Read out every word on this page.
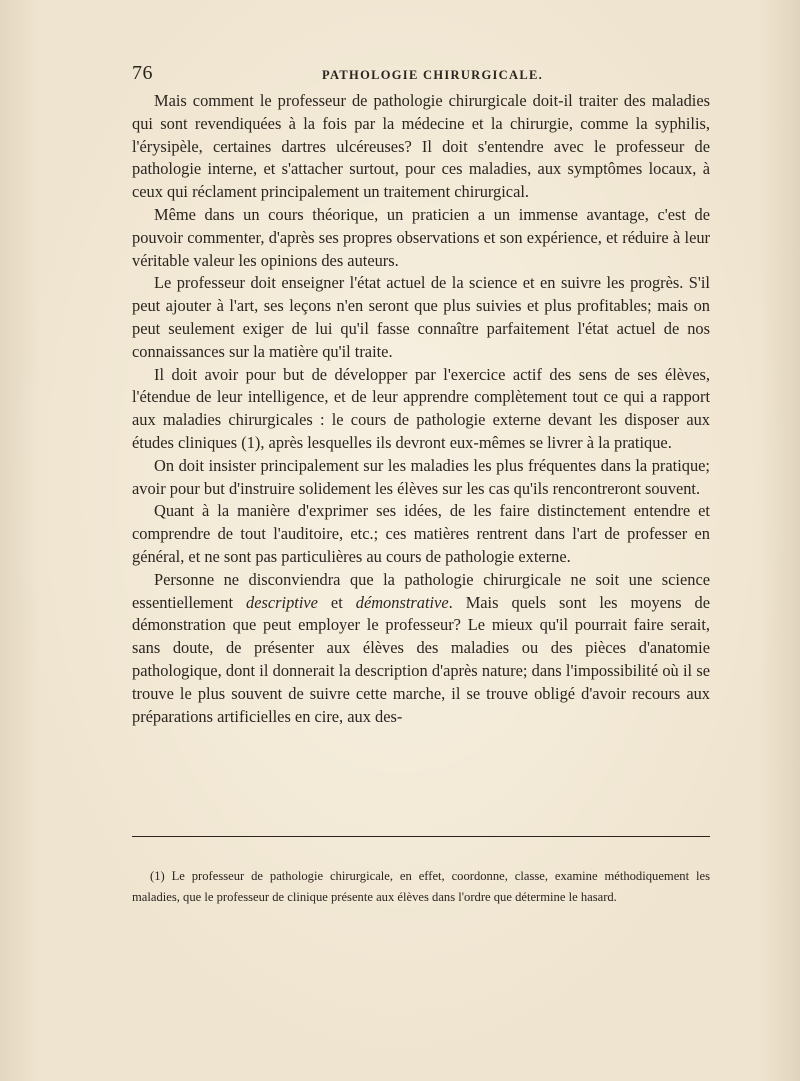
76	PATHOLOGIE CHIRURGICALE.

Mais comment le professeur de pathologie chirurgicale doit-il traiter des maladies qui sont revendiquées à la fois par la médecine et la chirurgie, comme la syphilis, l'érysipèle, certaines dartres ulcéreuses? Il doit s'entendre avec le professeur de pathologie interne, et s'attacher surtout, pour ces maladies, aux symptômes locaux, à ceux qui réclament principalement un traitement chirurgical.

Même dans un cours théorique, un praticien a un immense avantage, c'est de pouvoir commenter, d'après ses propres observations et son expérience, et réduire à leur véritable valeur les opinions des auteurs.

Le professeur doit enseigner l'état actuel de la science et en suivre les progrès. S'il peut ajouter à l'art, ses leçons n'en seront que plus suivies et plus profitables; mais on peut seulement exiger de lui qu'il fasse connaître parfaitement l'état actuel de nos connaissances sur la matière qu'il traite.

Il doit avoir pour but de développer par l'exercice actif des sens de ses élèves, l'étendue de leur intelligence, et de leur apprendre complètement tout ce qui a rapport aux maladies chirurgicales : le cours de pathologie externe devant les disposer aux études cliniques (1), après lesquelles ils devront eux-mêmes se livrer à la pratique.

On doit insister principalement sur les maladies les plus fréquentes dans la pratique; avoir pour but d'instruire solidement les élèves sur les cas qu'ils rencontreront souvent.

Quant à la manière d'exprimer ses idées, de les faire distinctement entendre et comprendre de tout l'auditoire, etc.; ces matières rentrent dans l'art de professer en général, et ne sont pas particulières au cours de pathologie externe.

Personne ne disconviendra que la pathologie chirurgicale ne soit une science essentiellement descriptive et démonstrative. Mais quels sont les moyens de démonstration que peut employer le professeur? Le mieux qu'il pourrait faire serait, sans doute, de présenter aux élèves des maladies ou des pièces d'anatomie pathologique, dont il donnerait la description d'après nature; dans l'impossibilité où il se trouve le plus souvent de suivre cette marche, il se trouve obligé d'avoir recours aux préparations artificielles en cire, aux des-

(1) Le professeur de pathologie chirurgicale, en effet, coordonne, classe, examine méthodiquement les maladies, que le professeur de clinique présente aux élèves dans l'ordre que détermine le hasard.
